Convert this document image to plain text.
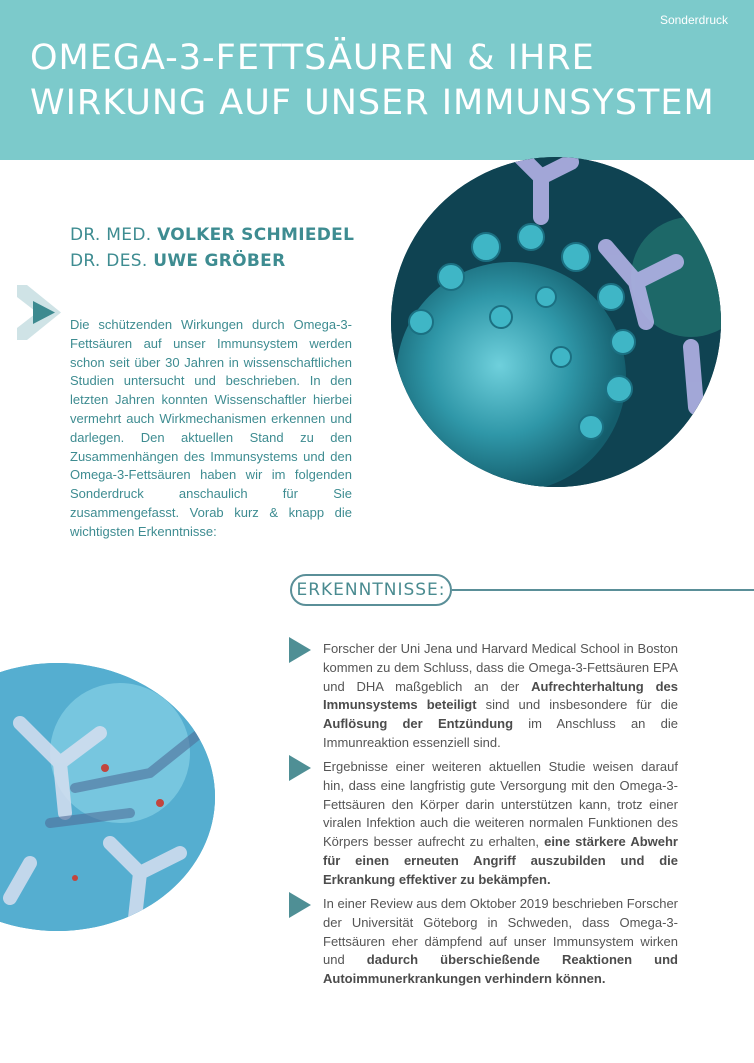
Sonderdruck
OMEGA-3-FETTSÄUREN & IHRE
WIRKUNG AUF UNSER IMMUNSYSTEM
DR. MED. VOLKER SCHMIEDEL
DR. DES. UWE GRÖBER
Die schützenden Wirkungen durch Omega-3-Fettsäuren auf unser Immunsystem werden schon seit über 30 Jahren in wissenschaftlichen Studien untersucht und beschrieben. In den letzten Jahren konnten Wissenschaftler hierbei vermehrt auch Wirkmechanismen erkennen und darlegen. Den aktuellen Stand zu den Zusammenhängen des Immunsystems und den Omega-3-Fettsäuren haben wir im folgenden Sonderdruck anschaulich für Sie zusammengefasst. Vorab kurz & knapp die wichtigsten Erkenntnisse:
ERKENNTNISSE:
Forscher der Uni Jena und Harvard Medical School in Boston kommen zu dem Schluss, dass die Omega-3-Fettsäuren EPA und DHA maßgeblich an der Aufrechterhaltung des Immunsystems beteiligt sind und insbesondere für die Auflösung der Entzündung im Anschluss an die Immunreaktion essenziell sind.
Ergebnisse einer weiteren aktuellen Studie weisen darauf hin, dass eine langfristig gute Versorgung mit den Omega-3-Fettsäuren den Körper darin unterstützen kann, trotz einer viralen Infektion auch die weiteren normalen Funktionen des Körpers besser aufrecht zu erhalten, eine stärkere Abwehr für einen erneuten Angriff auszubilden und die Erkrankung effektiver zu bekämpfen.
In einer Review aus dem Oktober 2019 beschrieben Forscher der Universität Göteborg in Schweden, dass Omega-3-Fettsäuren eher dämpfend auf unser Immunsystem wirken und dadurch überschießende Reaktionen und Autoimmunerkrankungen verhindern können.
